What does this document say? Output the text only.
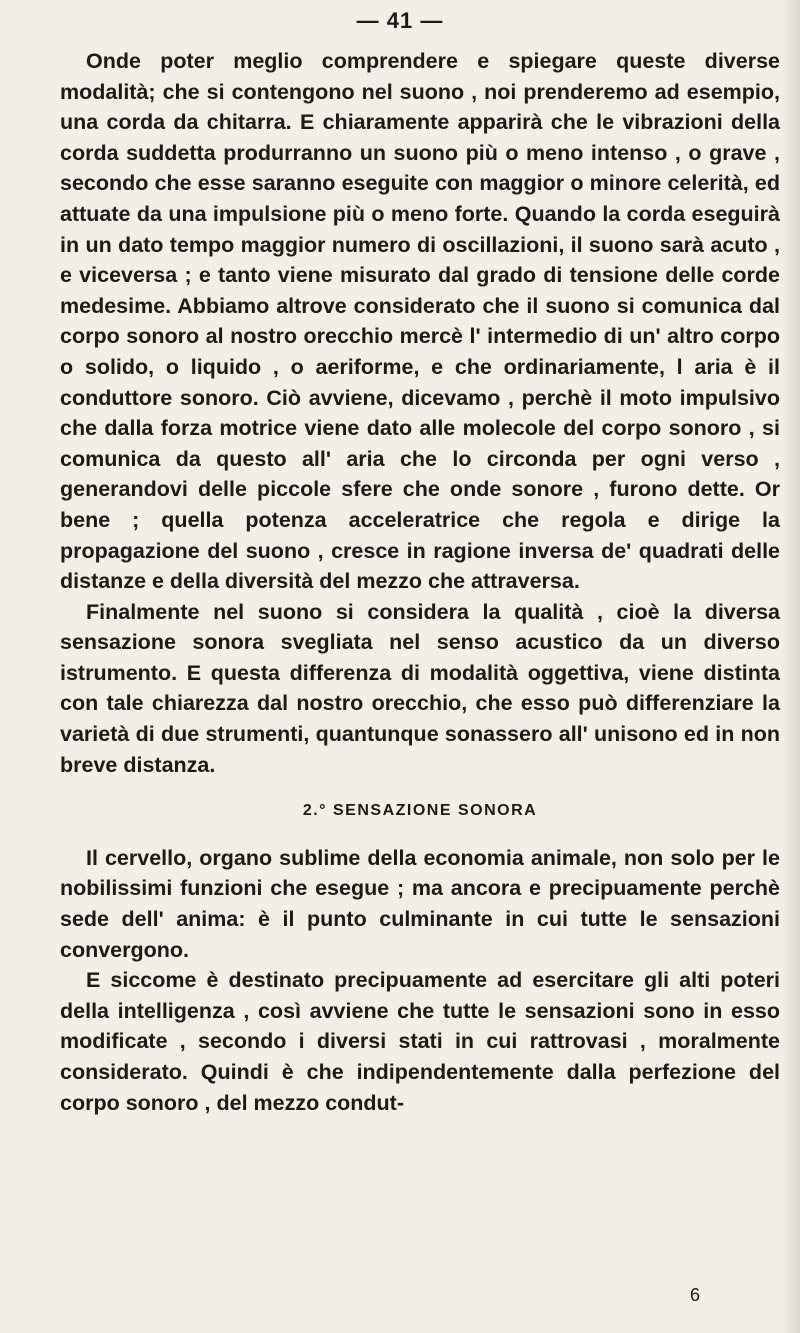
— 41 —

Onde poter meglio comprendere e spiegare queste diverse modalità; che si contengono nel suono , noi prenderemo ad esempio, una corda da chitarra. E chiaramente apparirà che le vibrazioni della corda suddetta produrranno un suono più o meno intenso , o grave , secondo che esse saranno eseguite con maggior o minore celerità, ed attuate da una impulsione più o meno forte. Quando la corda eseguirà in un dato tempo maggior numero di oscillazioni, il suono sarà acuto , e viceversa ; e tanto viene misurato dal grado di tensione delle corde medesime. Abbiamo altrove considerato che il suono si comunica dal corpo sonoro al nostro orecchio mercè l' intermedio di un' altro corpo o solido, o liquido , o aeriforme, e che ordinariamente, l aria è il conduttore sonoro. Ciò avviene, dicevamo , perchè il moto impulsivo che dalla forza motrice viene dato alle molecole del corpo sonoro , si comunica da questo all' aria che lo circonda per ogni verso , generandovi delle piccole sfere che onde sonore , furono dette. Or bene ; quella potenza acceleratrice che regola e dirige la propagazione del suono , cresce in ragione inversa de' quadrati delle distanze e della diversità del mezzo che attraversa.

Finalmente nel suono si considera la qualità , cioè la diversa sensazione sonora svegliata nel senso acustico da un diverso istrumento. E questa differenza di modalità oggettiva, viene distinta con tale chiarezza dal nostro orecchio, che esso può differenziare la varietà di due strumenti, quantunque sonassero all' unisono ed in non breve distanza.

2.° SENSAZIONE SONORA

Il cervello, organo sublime della economia animale, non solo per le nobilissimi funzioni che esegue ; ma ancora e precipuamente perchè sede dell' anima: è il punto culminante in cui tutte le sensazioni convergono.

E siccome è destinato precipuamente ad esercitare gli alti poteri della intelligenza , così avviene che tutte le sensazioni sono in esso modificate , secondo i diversi stati in cui rattrovasi , moralmente considerato. Quindi è che indipendentemente dalla perfezione del corpo sonoro , del mezzo condut-

6
